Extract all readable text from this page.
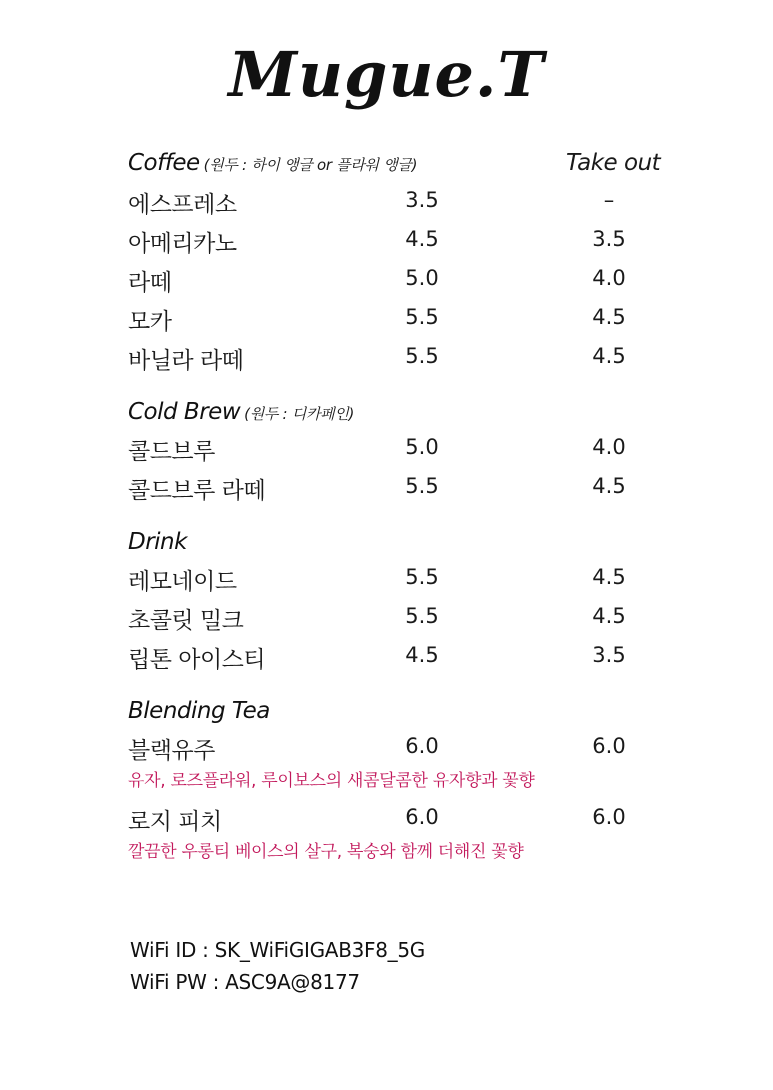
Mugue.T
Coffee (원두 : 하이 앵글 or 플라워 앵글)	Take out
에스프레소	3.5	–
아메리카노	4.5	3.5
라떼	5.0	4.0
모카	5.5	4.5
바닐라 라떼	5.5	4.5
Cold Brew (원두 : 디카페인)
콜드브루	5.0	4.0
콜드브루 라떼	5.5	4.5
Drink
레모네이드	5.5	4.5
초콜릿 밀크	5.5	4.5
립톤 아이스티	4.5	3.5
Blending Tea
블랙유주	6.0	6.0
유자, 로즈플라워, 루이보스의 새콤달콤한 유자향과 꽃향
로지 피치	6.0	6.0
깔끔한 우롱티 베이스의 살구, 복숭와 함께 더해진 꽃향
WiFi ID : SK_WiFiGIGAB3F8_5G
WiFi PW : ASC9A@8177
